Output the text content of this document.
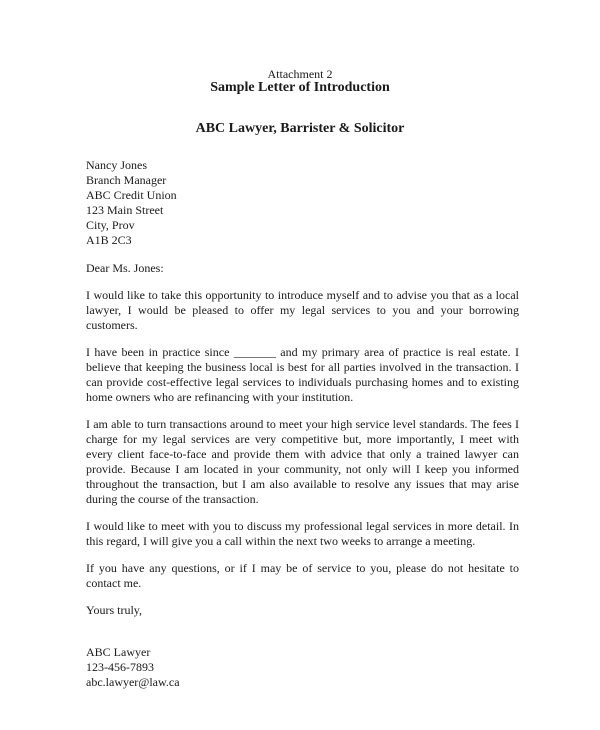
Attachment 2
Sample Letter of Introduction
ABC Lawyer, Barrister & Solicitor
Nancy Jones
Branch Manager
ABC Credit Union
123 Main Street
City, Prov
A1B 2C3

Dear Ms. Jones:

I would like to take this opportunity to introduce myself and to advise you that as a local lawyer, I would be pleased to offer my legal services to you and your borrowing customers.

I have been in practice since _______ and my primary area of practice is real estate. I believe that keeping the business local is best for all parties involved in the transaction. I can provide cost-effective legal services to individuals purchasing homes and to existing home owners who are refinancing with your institution.

I am able to turn transactions around to meet your high service level standards. The fees I charge for my legal services are very competitive but, more importantly, I meet with every client face-to-face and provide them with advice that only a trained lawyer can provide. Because I am located in your community, not only will I keep you informed throughout the transaction, but I am also available to resolve any issues that may arise during the course of the transaction.

I would like to meet with you to discuss my professional legal services in more detail. In this regard, I will give you a call within the next two weeks to arrange a meeting.

If you have any questions, or if I may be of service to you, please do not hesitate to contact me.

Yours truly,

ABC Lawyer
123-456-7893
abc.lawyer@law.ca
